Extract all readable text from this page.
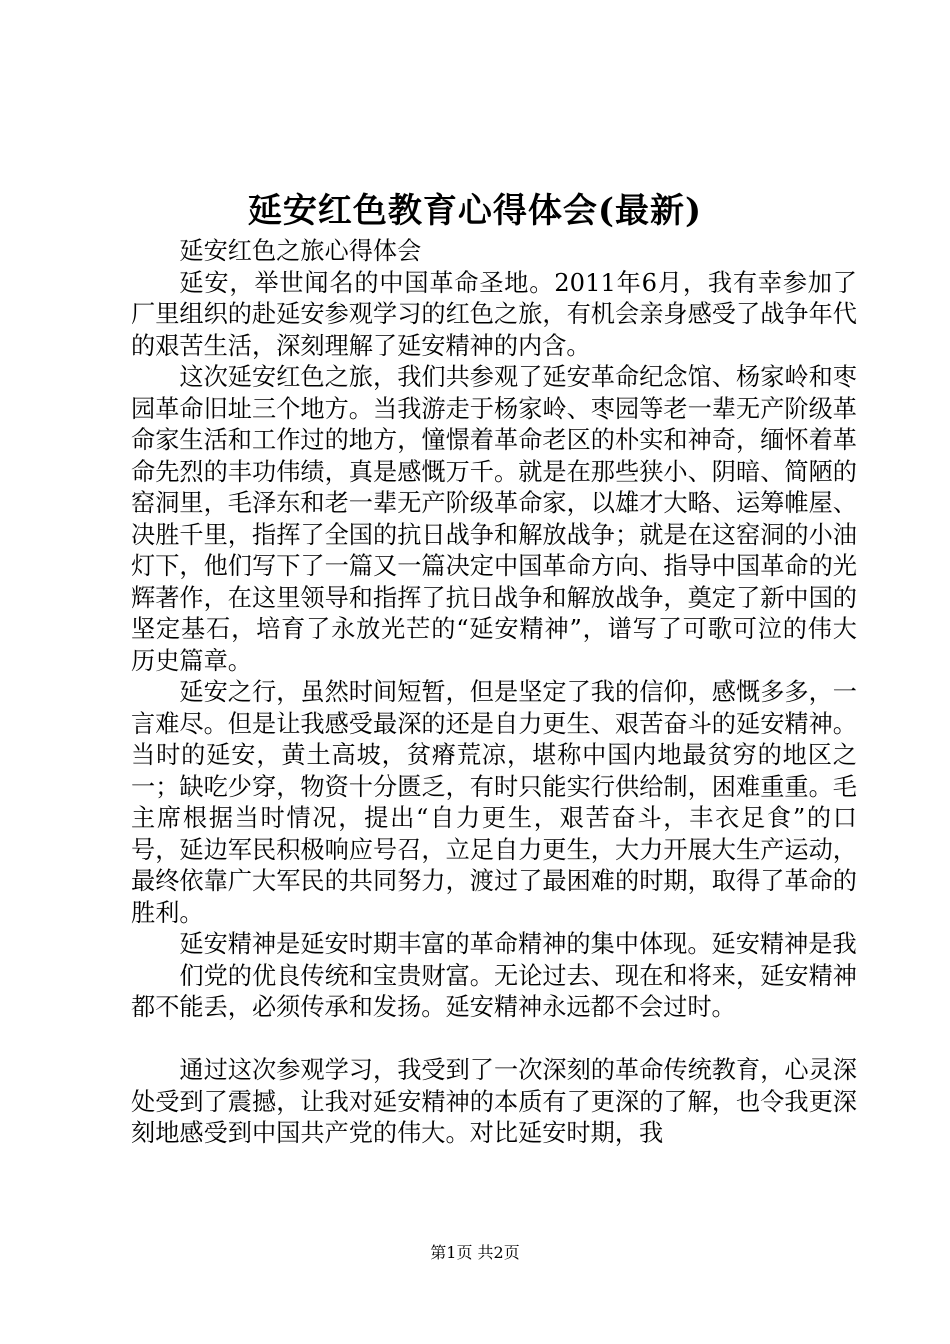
延安红色教育心得体会(最新)

延安红色之旅心得体会

延安，举世闻名的中国革命圣地。2011年6月，我有幸参加了厂里组织的赴延安参观学习的红色之旅，有机会亲身感受了战争年代的艰苦生活，深刻理解了延安精神的内含。

这次延安红色之旅，我们共参观了延安革命纪念馆、杨家岭和枣园革命旧址三个地方。当我游走于杨家岭、枣园等老一辈无产阶级革命家生活和工作过的地方，憧憬着革命老区的朴实和神奇，缅怀着革命先烈的丰功伟绩，真是感慨万千。就是在那些狭小、阴暗、简陋的窑洞里，毛泽东和老一辈无产阶级革命家，以雄才大略、运筹帷屋、决胜千里，指挥了全国的抗日战争和解放战争；就是在这窑洞的小油灯下，他们写下了一篇又一篇决定中国革命方向、指导中国革命的光辉著作，在这里领导和指挥了抗日战争和解放战争，奠定了新中国的坚定基石，培育了永放光芒的“延安精神”，谱写了可歌可泣的伟大历史篇章。

延安之行，虽然时间短暂，但是坚定了我的信仰，感慨多多，一言难尽。但是让我感受最深的还是自力更生、艰苦奋斗的延安精神。当时的延安，黄土高坡，贫瘠荒凉，堪称中国内地最贫穷的地区之一；缺吃少穿，物资十分匮乏，有时只能实行供给制，困难重重。毛主席根据当时情况，提出“自力更生，艰苦奋斗，丰衣足食”的口号，延边军民积极响应号召，立足自力更生，大力开展大生产运动，最终依靠广大军民的共同努力，渡过了最困难的时期，取得了革命的胜利。

延安精神是延安时期丰富的革命精神的集中体现。延安精神是我

们党的优良传统和宝贵财富。无论过去、现在和将来，延安精神都不能丢，必须传承和发扬。延安精神永远都不会过时。

通过这次参观学习，我受到了一次深刻的革命传统教育，心灵深处受到了震撼，让我对延安精神的本质有了更深的了解，也令我更深刻地感受到中国共产党的伟大。对比延安时期，我

第1页 共2页
